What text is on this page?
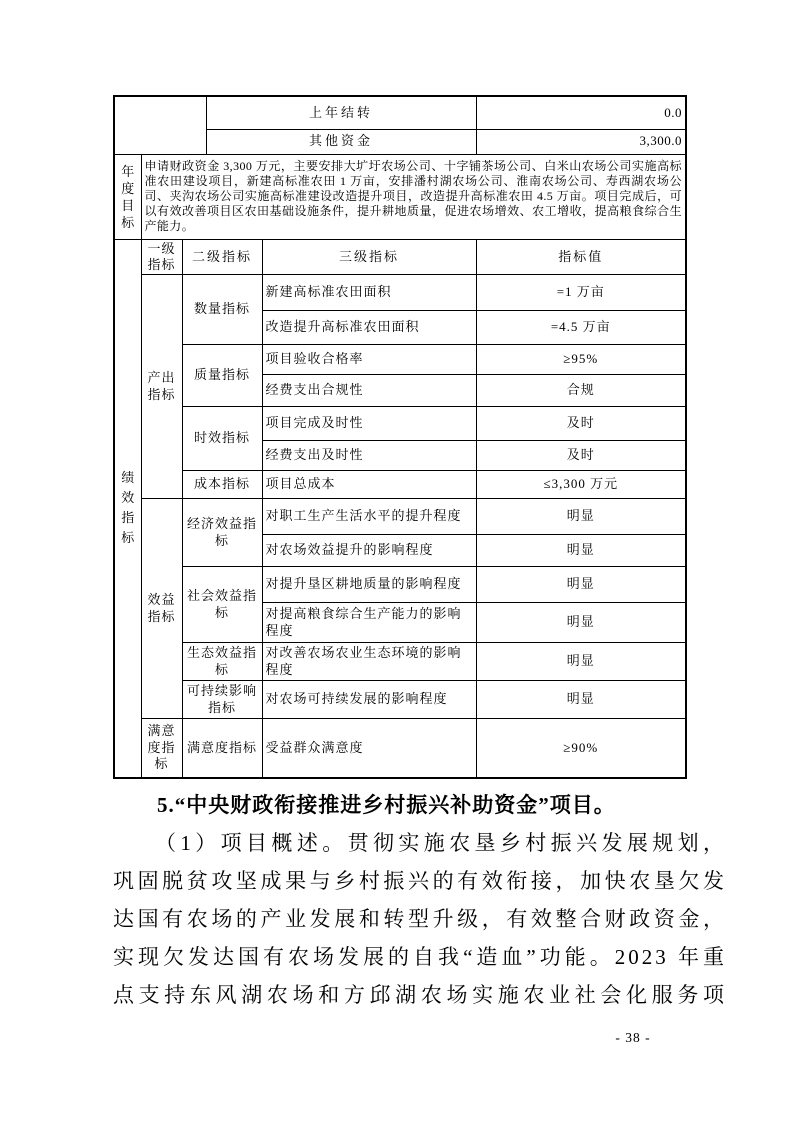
			上年结转		0.0
			其他资金		3,300.0
年度目标	申请财政资金 3,300 万元，主要安排大圹圩农场公司、十字铺茶场公司、白米山农场公司实施高标准农田建设项目，新建高标准农田 1 万亩，安排潘村湖农场公司、淮南农场公司、寿西湖农场公司、夹沟农场公司实施高标准建设改造提升项目，改造提升高标准农田 4.5 万亩。项目完成后，可以有效改善项目区农田基础设施条件，提升耕地质量，促进农场增效、农工增收，提高粮食综合生产能力。				
绩效指标	一级指标	二级指标		三级指标	指标值
	产出指标	数量指标		新建高标准农田面积	=1 万亩
				改造提升高标准农田面积	=4.5 万亩
		质量指标		项目验收合格率	≥95%
				经费支出合规性	合规
		时效指标		项目完成及时性	及时
				经费支出及时性	及时
		成本指标		项目总成本	≤3,300 万元
	效益指标	经济效益指标		对职工生产生活水平的提升程度	明显
				对农场效益提升的影响程度	明显
		社会效益指标		对提升垦区耕地质量的影响程度	明显
				对提高粮食综合生产能力的影响程度	明显
		生态效益指标		对改善农场农业生态环境的影响程度	明显
		可持续影响指标		对农场可持续发展的影响程度	明显
	满意度指标	满意度指标		受益群众满意度	≥90%
5.“中央财政衔接推进乡村振兴补助资金”项目。
（1）项目概述。贯彻实施农垦乡村振兴发展规划，
巩固脱贫攻坚成果与乡村振兴的有效衔接，加快农垦欠发
达国有农场的产业发展和转型升级，有效整合财政资金，
实现欠发达国有农场发展的自我“造血”功能。2023 年重
点支持东风湖农场和方邱湖农场实施农业社会化服务项
- 38 -
